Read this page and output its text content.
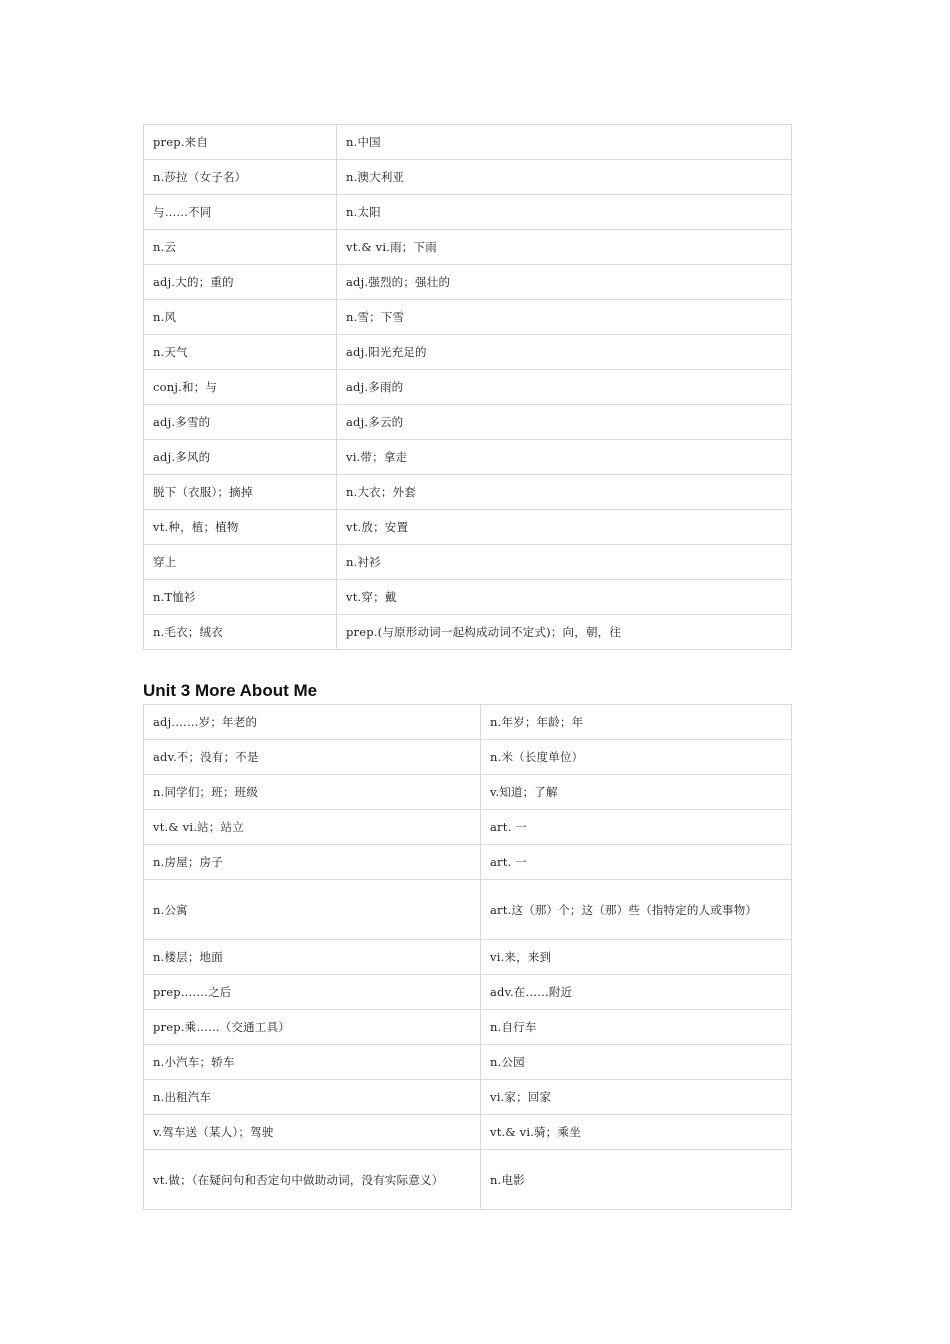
prep.来自	n.中国
n.莎拉（女子名）	n.澳大利亚
与……不同	n.太阳
n.云	vt.& vi.雨；下雨
adj.大的；重的	adj.强烈的；强壮的
n.风	n.雪；下雪
n.天气	adj.阳光充足的
conj.和；与	adj.多雨的
adj.多雪的	adj.多云的
adj.多风的	vi.带；拿走
脱下（衣服）；摘掉	n.大衣；外套
vt.种，植；植物	vt.放；安置
穿上	n.衬衫
n.T恤衫	vt.穿；戴
n.毛衣；绒衣	prep.(与原形动词一起构成动词不定式)；向，朝，往
Unit 3 More About Me
adj.……岁；年老的	n.年岁；年龄；年
adv.不；没有；不是	n.米（长度单位）
n.同学们；班；班级	v.知道；了解
vt.& vi.站；站立	art. 一
n.房屋；房子	art. 一
n.公寓	art.这（那）个；这（那）些（指特定的人或事物）
n.楼层；地面	vi.来，来到
prep.……之后	adv.在……附近
prep.乘……（交通工具）	n.自行车
n.小汽车；轿车	n.公园
n.出租汽车	vi.家；回家
v.驾车送（某人）；驾驶	vt.& vi.骑；乘坐
vt.做；（在疑问句和否定句中做助动词，没有实际意义）	n.电影
